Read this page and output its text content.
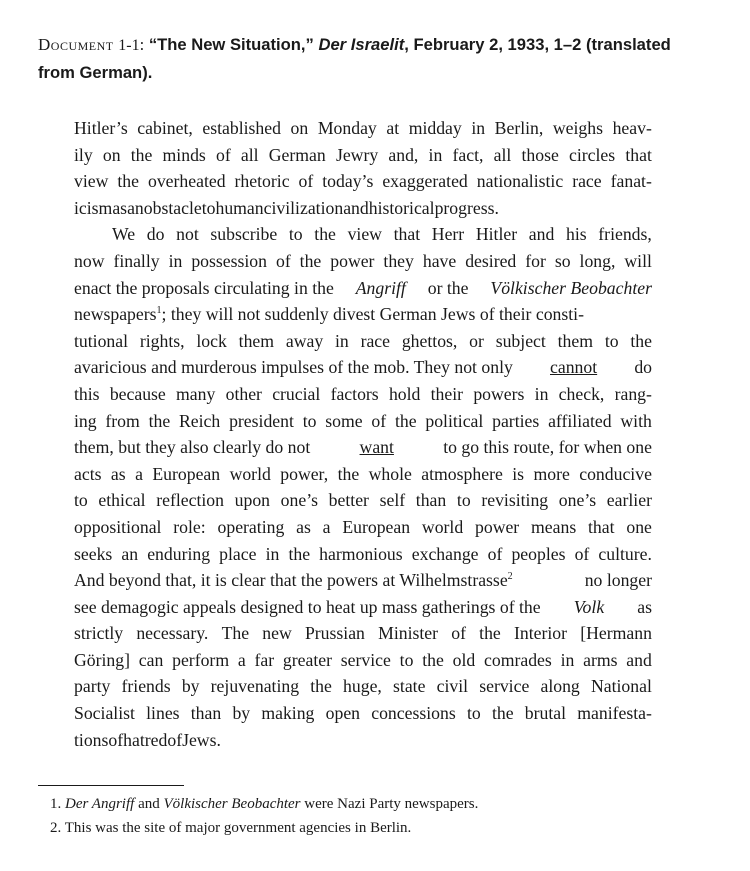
Document 1-1: “The New Situation,” Der Israelit, February 2, 1933, 1–2 (translated
from German).
Hitler’s cabinet, established on Monday at midday in Berlin, weighs heav-
ily on the minds of all German Jewry and, in fact, all those circles that
view the overheated rhetoric of today’s exaggerated nationalistic race fanat-
icism as an obstacle to human civilization and historical progress.
We do not subscribe to the view that Herr Hitler and his friends,
now finally in possession of the power they have desired for so long, will
enact the proposals circulating in the Angriff or the Völkischer Beobachter
newspapers$^1$; they will not suddenly divest German Jews of their consti-
tutional rights, lock them away in race ghettos, or subject them to the
avaricious and murderous impulses of the mob. They not only cannot do
this because many other crucial factors hold their powers in check, rang-
ing from the Reich president to some of the political parties affiliated with
them, but they also clearly do not	want	to go this route, for when one
acts as a European world power, the whole atmosphere is more conducive
to ethical reflection upon one’s better self than to revisiting one’s earlier
oppositional role: operating as a European world power means that one
seeks an enduring place in the harmonious exchange of peoples of culture.
And beyond that, it is clear that the powers at Wilhelmstrasse$^2$	no longer
see demagogic appeals designed to heat up mass gatherings of the Volk as
strictly necessary. The new Prussian Minister of the Interior [Hermann
Göring] can perform a far greater service to the old comrades in arms and
party friends by rejuvenating the huge, state civil service along National
Socialist lines than by making open concessions to the brutal manifesta-
tions of hatred of Jews.
1. Der Angriff and Völkischer Beobachter were Nazi Party newspapers.
2. This was the site of major government agencies in Berlin.
